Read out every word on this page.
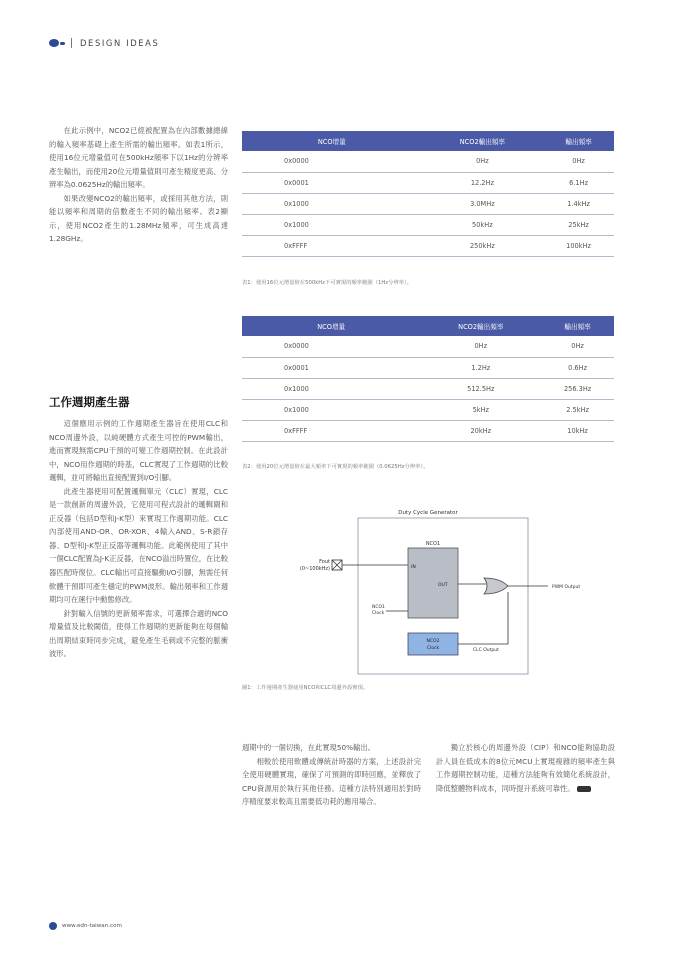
DESIGN IDEAS

在此示例中，NCO2已經被配置為在內部數據總線的輸入頻率基礎上產生所需的輸出頻率。如表1所示，使用16位元增量值可在500kHz頻率下以1Hz的分辨率產生輸出，而使用20位元增量值則可產生精度更高、分辨率為0.0625Hz的輸出頻率。

如果改變NCO2的輸出頻率，或採用其他方法，則能以頻率和周期的倍數產生不同的輸出頻率。表2顯示，使用NCO2產生的1.28MHz頻率，可生成高達1.28GHz。

工作週期產生器

這個應用示例的工作週期產生器旨在使用CLC和NCO周邊外設，以純硬體方式產生可控的PWM輸出，進而實現無需CPU干預的可變工作週期控制。在此設計中，NCO用作週期的時基，CLC實現了工作週期的比較邏輯，並可將輸出直接配置到I/O引腳。

此產生器使用可配置邏輯單元（CLC）實現，CLC是一款創新的周邊外設，它使用可程式設計的邏輯閘和正反器（包括D型和J-K型）來實現工作週期功能。CLC內部使用AND-OR、OR-XOR、4輸入AND、S-R鎖存器、D型和J-K型正反器等邏輯功能。此範例使用了其中一個CLC配置為J-K正反器，在NCO溢出時置位，在比較器匹配時復位。CLC輸出可直接驅動I/O引腳，無需任何軟體干預即可產生穩定的PWM波形。輸出頻率和工作週期均可在運行中動態修改。

針對輸入信號的更新頻率需求，可選擇合適的NCO增量值及比較閾值，使得工作週期的更新能夠在每個輸出周期結束時同步完成，避免產生毛刺或不完整的脈衝波形。

NCO增量	NCO2輸出頻率	輸出頻率
0x0000	0Hz	0Hz
0x0001	12.2Hz	6.1Hz
0x1000	3.0MHz	1.4kHz
0x1000	50kHz	25kHz
0xFFFF	250kHz	100kHz
表1：使用16位元增量值在500kHz下可實現的頻率範圍（1Hz分辨率）。
NCO增量	NCO2輸出頻率	輸出頻率
0x0000	0Hz	0Hz
0x0001	1.2Hz	0.6Hz
0x1000	512.5Hz	256.3Hz
0x1000	5kHz	2.5kHz
0xFFFF	20kHz	10kHz
表2：使用20位元增量值在最大頻率下可實現的頻率範圍（0.0625Hz分辨率）。
Duty Cycle Generator
Fout
(0~100kHz)
NCO1
IN
OUT	PWM Output
NCO1
Clock
NCO2
Clock	CLC Output
圖1：工作週期產生器使用NCO和CLC周邊外設實現。

週期中的一個切換，在此實現50%輸出。

相較於使用軟體或傳統計時器的方案，上述設計完全使用硬體實現，確保了可預測的即時回應，並釋放了CPU資源用於執行其他任務。這種方法特別適用於對時序精度要求較高且需要低功耗的應用場合。

獨立於核心的周邊外設（CIP）和NCO能夠協助設計人員在低成本的8位元MCU上實現複雜的頻率產生與工作週期控制功能，這種方法能夠有效簡化系統設計，降低整體物料成本，同時提升系統可靠性。

www.edn-taiwan.com
